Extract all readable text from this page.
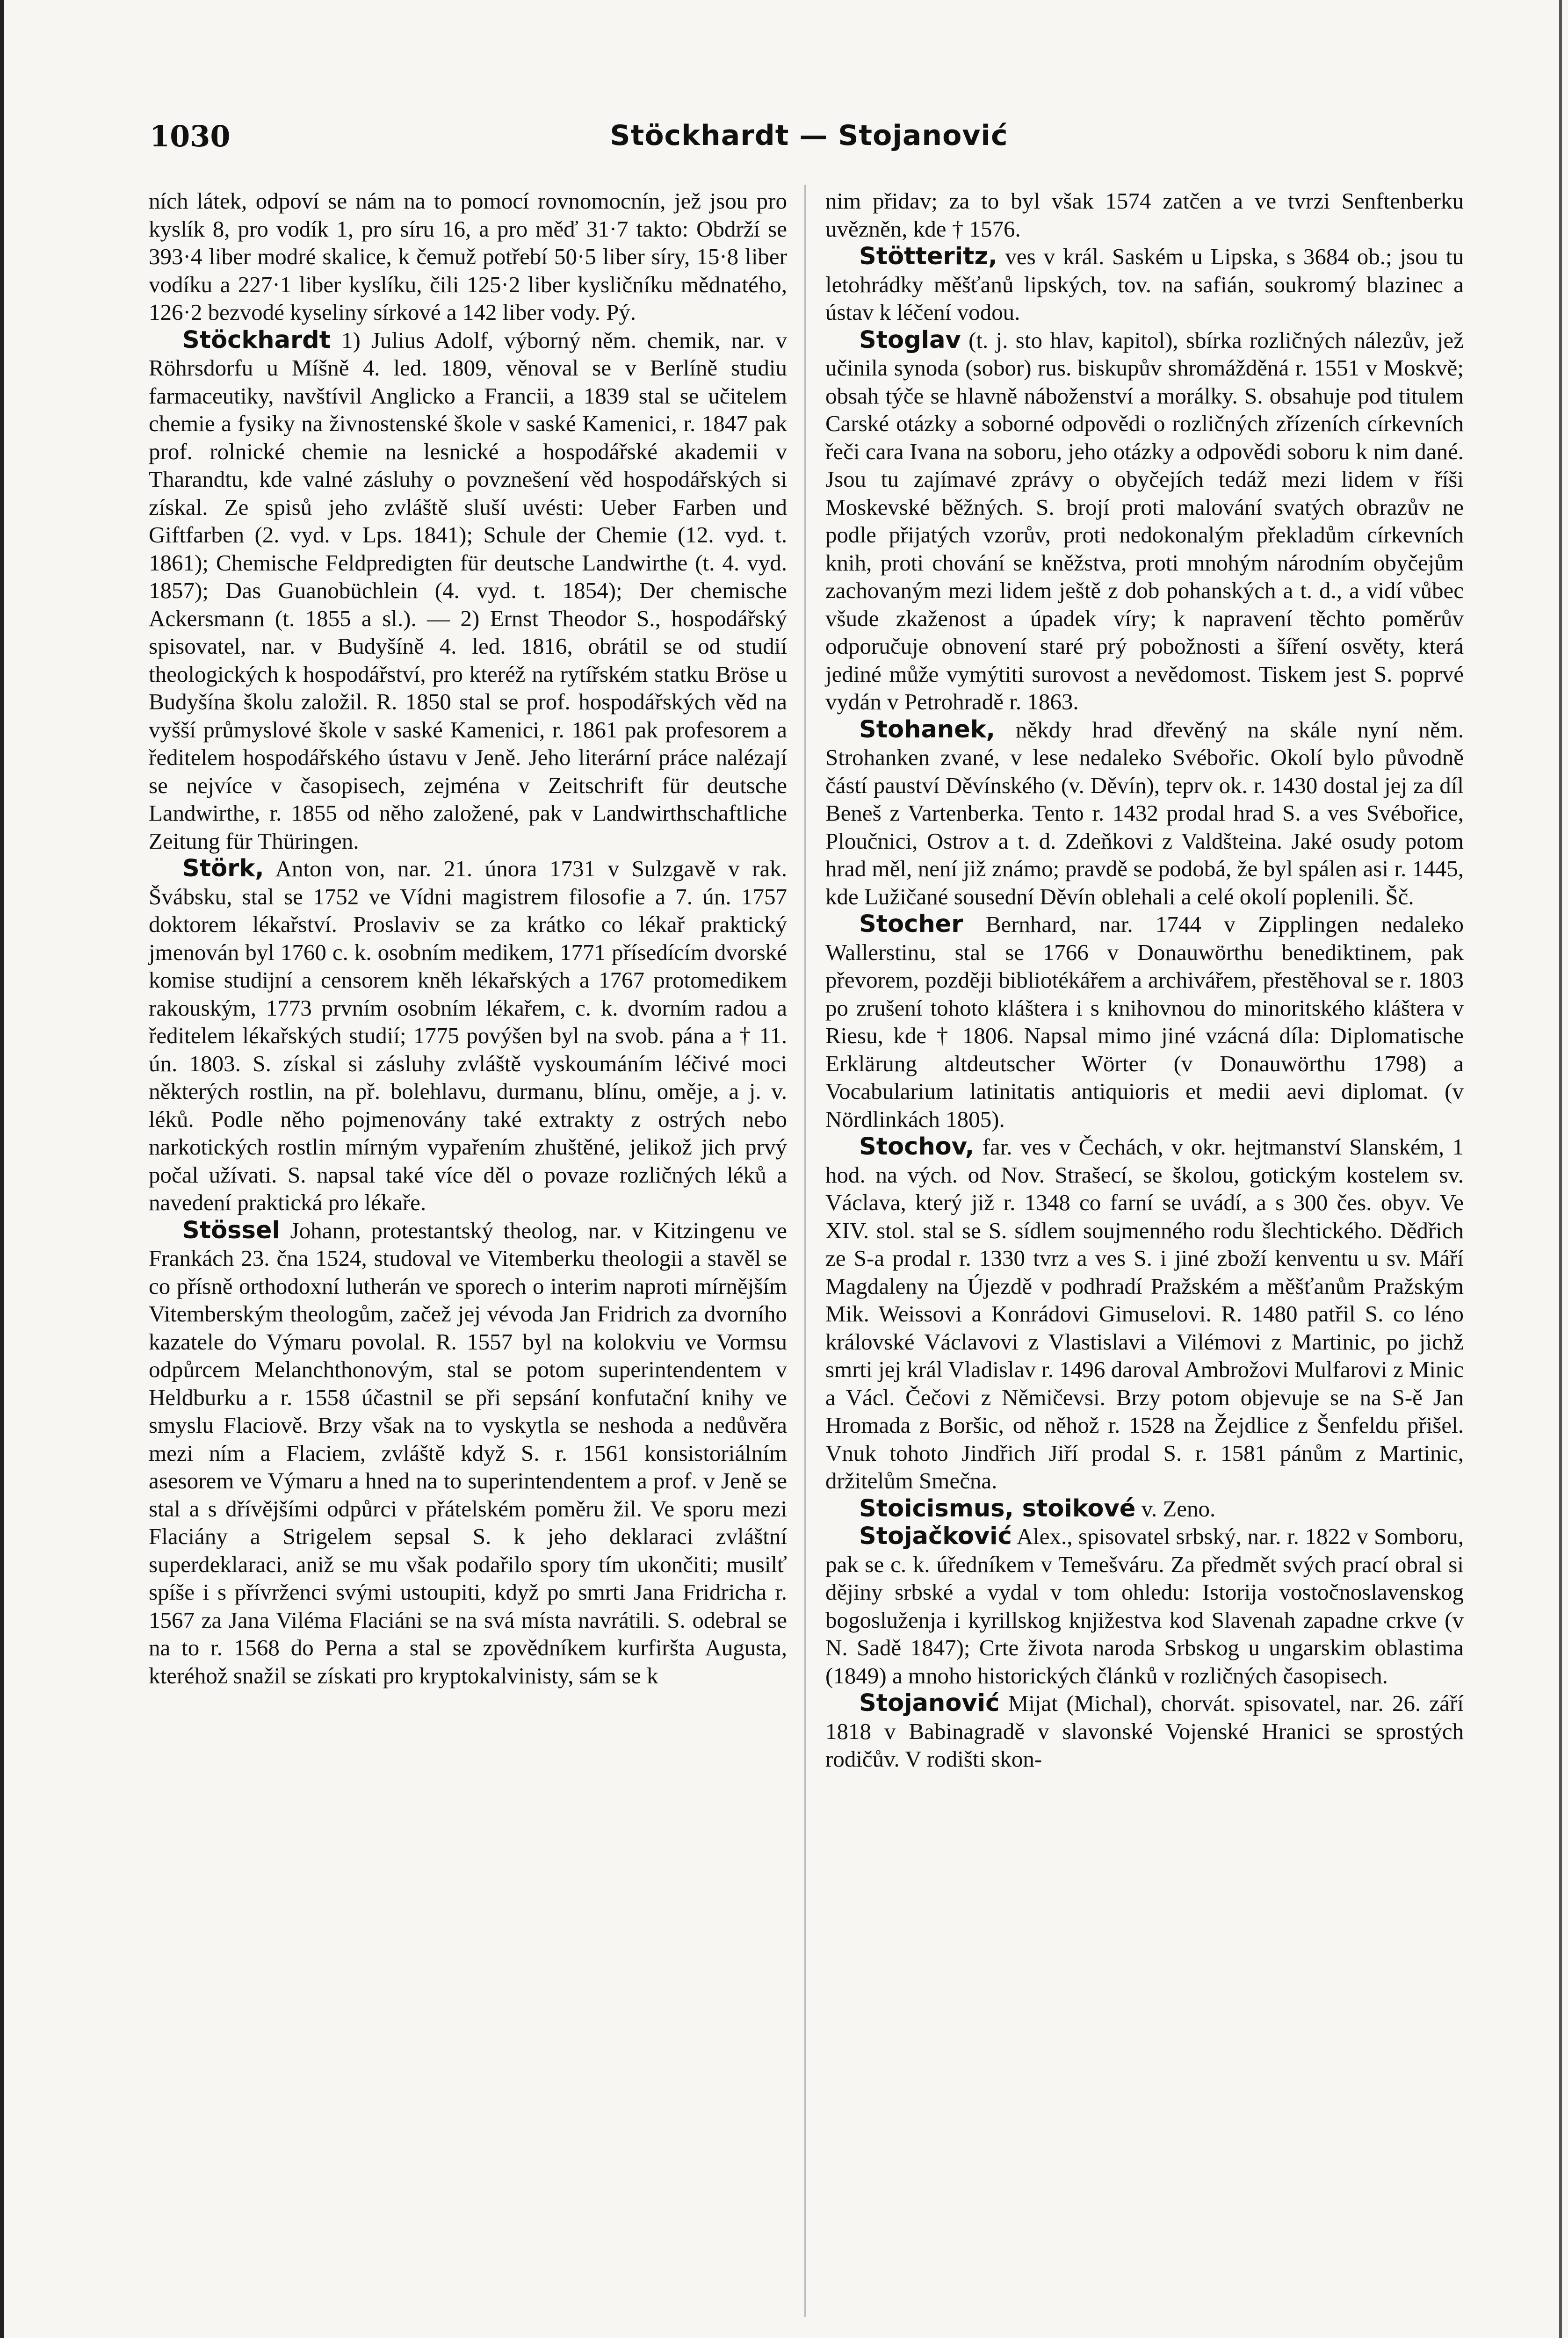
1030	Stöckhardt — Stojanović

ních látek, odpoví se nám na to pomocí rovnomocnín, jež jsou pro kyslík 8, pro vodík 1, pro síru 16, a pro měď 31·7 takto: Obdrží se 393·4 liber modré skalice, k čemuž potřebí 50·5 liber síry, 15·8 liber vodíku a 227·1 liber kyslíku, čili 125·2 liber kysličníku mědnatého, 126·2 bezvodé kyseliny sírkové a 142 liber vody. Pý.

Stöckhardt 1) Julius Adolf, výborný něm. chemik, nar. v Röhrsdorfu u Míšně 4. led. 1809, věnoval se v Berlíně studiu farmaceutiky, navštívil Anglicko a Francii, a 1839 stal se učitelem chemie a fysiky na živnostenské škole v saské Kamenici, r. 1847 pak prof. rolnické chemie na lesnické a hospodářské akademii v Tharandtu, kde valné zásluhy o povznešení věd hospodářských si získal. Ze spisů jeho zvláště sluší uvésti: Ueber Farben und Giftfarben (2. vyd. v Lps. 1841); Schule der Chemie (12. vyd. t. 1861); Chemische Feldpredigten für deutsche Landwirthe (t. 4. vyd. 1857); Das Guanobüchlein (4. vyd. t. 1854); Der chemische Ackersmann (t. 1855 a sl.). — 2) Ernst Theodor S., hospodářský spisovatel, nar. v Budyšíně 4. led. 1816, obrátil se od studií theologických k hospodářství, pro kteréž na rytířském statku Bröse u Budyšína školu založil. R. 1850 stal se prof. hospodářských věd na vyšší průmyslové škole v saské Kamenici, r. 1861 pak profesorem a ředitelem hospodářského ústavu v Jeně. Jeho literární práce nalézají se nejvíce v časopisech, zejména v Zeitschrift für deutsche Landwirthe, r. 1855 od něho založené, pak v Landwirthschaftliche Zeitung für Thüringen.

Störk, Anton von, nar. 21. února 1731 v Sulzgavě v rak. Švábsku, stal se 1752 ve Vídni magistrem filosofie a 7. ún. 1757 doktorem lékařství. Proslaviv se za krátko co lékař praktický jmenován byl 1760 c. k. osobním medikem, 1771 přísedícím dvorské komise studijní a censorem kněh lékařských a 1767 protomedikem rakouským, 1773 prvním osobním lékařem, c. k. dvorním radou a ředitelem lékařských studií; 1775 povýšen byl na svob. pána a † 11. ún. 1803. S. získal si zásluhy zvláště vyskoumáním léčivé moci některých rostlin, na př. bolehlavu, durmanu, blínu, oměje, a j. v. léků. Podle něho pojmenovány také extrakty z ostrých nebo narkotických rostlin mírným vypařením zhuštěné, jelikož jich prvý počal užívati. S. napsal také více děl o povaze rozličných léků a navedení praktická pro lékaře.

Stössel Johann, protestantský theolog, nar. v Kitzingenu ve Frankách 23. čna 1524, studoval ve Vitemberku theologii a stavěl se co přísně orthodoxní lutherán ve sporech o interim naproti mírnějším Vitemberským theologům, začež jej vévoda Jan Fridrich za dvorního kazatele do Výmaru povolal. R. 1557 byl na kolokviu ve Vormsu odpůrcem Melanchthonovým, stal se potom superintendentem v Heldburku a r. 1558 účastnil se při sepsání konfutační knihy ve smyslu Flaciově. Brzy však na to vyskytla se neshoda a nedůvěra mezi ním a Flaciem, zvláště když S. r. 1561 konsistoriálním asesorem ve Výmaru a hned na to superintendentem a prof. v Jeně se stal a s dřívějšími odpůrci v přátelském poměru žil. Ve sporu mezi Flaciány a Strigelem sepsal S. k jeho deklaraci zvláštní superdeklaraci, aniž se mu však podařilo spory tím ukončiti; musilť spíše i s přívrženci svými ustoupiti, když po smrti Jana Fridricha r. 1567 za Jana Viléma Flaciáni se na svá místa navrátili. S. odebral se na to r. 1568 do Perna a stal se zpovědníkem kurfiršta Augusta, kteréhož snažil se získati pro kryptokalvinisty, sám se k

nim přidav; za to byl však 1574 zatčen a ve tvrzi Senftenberku uvězněn, kde † 1576.

Stötteritz, ves v král. Saském u Lipska, s 3684 ob.; jsou tu letohrádky měšťanů lipských, tov. na safián, soukromý blazinec a ústav k léčení vodou.

Stoglav (t. j. sto hlav, kapitol), sbírka rozličných nálezův, jež učinila synoda (sobor) rus. biskupův shromážděná r. 1551 v Moskvě; obsah týče se hlavně náboženství a morálky. S. obsahuje pod titulem Carské otázky a soborné odpovědi o rozličných zřízeních církevních řeči cara Ivana na soboru, jeho otázky a odpovědi soboru k nim dané. Jsou tu zajímavé zprávy o obyčejích tedáž mezi lidem v říši Moskevské běžných. S. brojí proti malování svatých obrazův ne podle přijatých vzorův, proti nedokonalým překladům církevních knih, proti chování se kněžstva, proti mnohým národním obyčejům zachovaným mezi lidem ještě z dob pohanských a t. d., a vidí vůbec všude zkaženost a úpadek víry; k napravení těchto poměrův odporučuje obnovení staré prý pobožnosti a šíření osvěty, která jediné může vymýtiti surovost a nevědomost. Tiskem jest S. poprvé vydán v Petrohradě r. 1863.

Stohanek, někdy hrad dřevěný na skále nyní něm. Strohanken zvané, v lese nedaleko Svébořic. Okolí bylo původně částí pauství Děvínského (v. Děvín), teprv ok. r. 1430 dostal jej za díl Beneš z Vartenberka. Tento r. 1432 prodal hrad S. a ves Svébořice, Ploučnici, Ostrov a t. d. Zdeňkovi z Valdšteina. Jaké osudy potom hrad měl, není již známo; pravdě se podobá, že byl spálen asi r. 1445, kde Lužičané sousední Děvín oblehali a celé okolí poplenili. Šč.

Stocher Bernhard, nar. 1744 v Zipplingen nedaleko Wallerstinu, stal se 1766 v Donauwörthu benediktinem, pak převorem, později bibliotékářem a archivářem, přestěhoval se r. 1803 po zrušení tohoto kláštera i s knihovnou do minoritského kláštera v Riesu, kde † 1806. Napsal mimo jiné vzácná díla: Diplomatische Erklärung altdeutscher Wörter (v Donauwörthu 1798) a Vocabularium latinitatis antiquioris et medii aevi diplomat. (v Nördlinkách 1805).

Stochov, far. ves v Čechách, v okr. hejtmanství Slanském, 1 hod. na vých. od Nov. Strašecí, se školou, gotickým kostelem sv. Václava, který již r. 1348 co farní se uvádí, a s 300 čes. obyv. Ve XIV. stol. stal se S. sídlem soujmenného rodu šlechtického. Dědřich ze S-a prodal r. 1330 tvrz a ves S. i jiné zboží kenventu u sv. Máří Magdaleny na Újezdě v podhradí Pražském a měšťanům Pražským Mik. Weissovi a Konrádovi Gimuselovi. R. 1480 patřil S. co léno královské Václavovi z Vlastislavi a Vilémovi z Martinic, po jichž smrti jej král Vladislav r. 1496 daroval Ambrožovi Mulfarovi z Minic a Václ. Čečovi z Němičevsi. Brzy potom objevuje se na S-ě Jan Hromada z Boršic, od něhož r. 1528 na Žejdlice z Šenfeldu přišel. Vnuk tohoto Jindřich Jiří prodal S. r. 1581 pánům z Martinic, držitelům Smečna.

Stoicismus, stoikové v. Zeno.

Stojačković Alex., spisovatel srbský, nar. r. 1822 v Somboru, pak se c. k. úředníkem v Temešváru. Za předmět svých prací obral si dějiny srbské a vydal v tom ohledu: Istorija vostočnoslavenskog bogosluženja i kyrillskog knjižestva kod Slavenah zapadne crkve (v N. Sadě 1847); Crte života naroda Srbskog u ungarskim oblastima (1849) a mnoho historických článků v rozličných časopisech.

Stojanović Mijat (Michal), chorvát. spisovatel, nar. 26. září 1818 v Babinagradě v slavonské Vojenské Hranici se sprostých rodičův. V rodišti skon-
